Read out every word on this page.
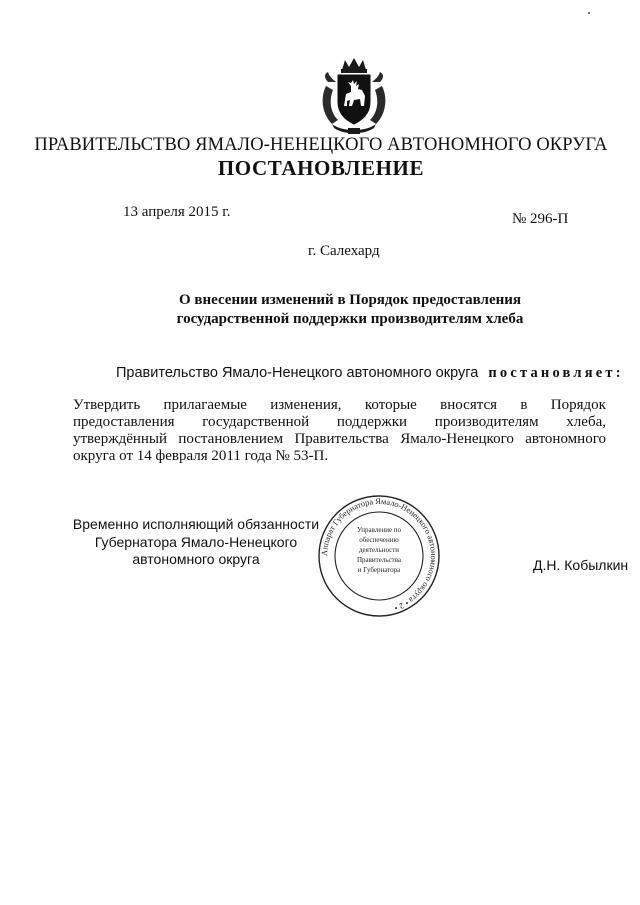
ПРАВИТЕЛЬСТВО ЯМАЛО-НЕНЕЦКОГО АВТОНОМНОГО ОКРУГА
ПОСТАНОВЛЕНИЕ
13 апреля 2015 г.	№ 296-П
г. Салехард
О внесении изменений в Порядок предоставления
государственной поддержки производителям хлеба
Правительство Ямало-Ненецкого автономного округа постановляет:
Утвердить прилагаемые изменения, которые вносятся в Порядок
предоставления государственной поддержки производителям хлеба,
утверждённый постановлением Правительства Ямало-Ненецкого автономного
округа от 14 февраля 2011 года № 53-П.
Временно исполняющий обязанности
Губернатора Ямало-Ненецкого
автономного округа	Аппарат Губернатора Ямало-Ненецкого автономного округа • 2 •
Управление по
обеспечению
деятельности
Правительства
и Губернатора	Д.Н. Кобылкин
